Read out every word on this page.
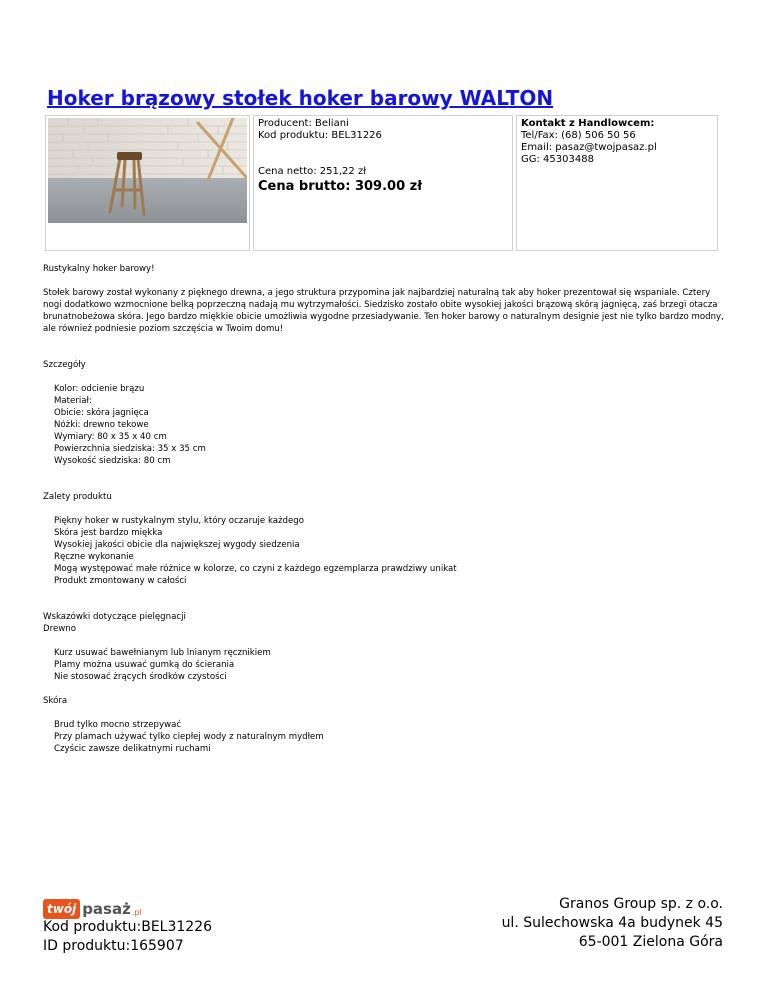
Hoker brązowy stołek hoker barowy WALTON
Producent: Beliani
Kod produktu: BEL31226
Cena netto: 251,22 zł
Cena brutto: 309.00 zł
Kontakt z Handlowcem:
Tel/Fax: (68) 506 50 56
Email: pasaz@twojpasaz.pl
GG: 45303488

Rustykalny hoker barowy!

Stołek barowy został wykonany z pięknego drewna, a jego struktura przypomina jak najbardziej naturalną tak aby hoker prezentował się wspaniale. Cztery nogi dodatkowo wzmocnione belką poprzeczną nadają mu wytrzymałości. Siedzisko zostało obite wysokiej jakości brązową skórą jagnięcą, zaś brzegi otacza brunatnobeżowa skóra. Jego bardzo miękkie obicie umożliwia wygodne przesiadywanie. Ten hoker barowy o naturalnym designie jest nie tylko bardzo modny, ale również podniesie poziom szczęścia w Twoim domu!

Szczegóły

Kolor: odcienie brązu
Materiał:
Obicie: skóra jagnięca
Nóżki: drewno tekowe
Wymiary: 80 x 35 x 40 cm
Powierzchnia siedziska: 35 x 35 cm
Wysokość siedziska: 80 cm

Zalety produktu

Piękny hoker w rustykalnym stylu, który oczaruje każdego
Skóra jest bardzo miękka
Wysokiej jakości obicie dla największej wygody siedzenia
Ręczne wykonanie
Mogą występować małe różnice w kolorze, co czyni z każdego egzemplarza prawdziwy unikat
Produkt zmontowany w całości

Wskazówki dotyczące pielęgnacji

Drewno

Kurz usuwać bawełnianym lub lnianym ręcznikiem
Plamy można usuwać gumką do ścierania
Nie stosować żrących środków czystości

Skóra

Brud tylko mocno strzepywać
Przy plamach używać tylko ciepłej wody z naturalnym mydłem
Czyścic zawsze delikatnymi ruchami
twój pasaż .pl
Kod produktu:BEL31226
ID produktu:165907
Granos Group sp. z o.o.
ul. Sulechowska 4a budynek 45
65-001 Zielona Góra
